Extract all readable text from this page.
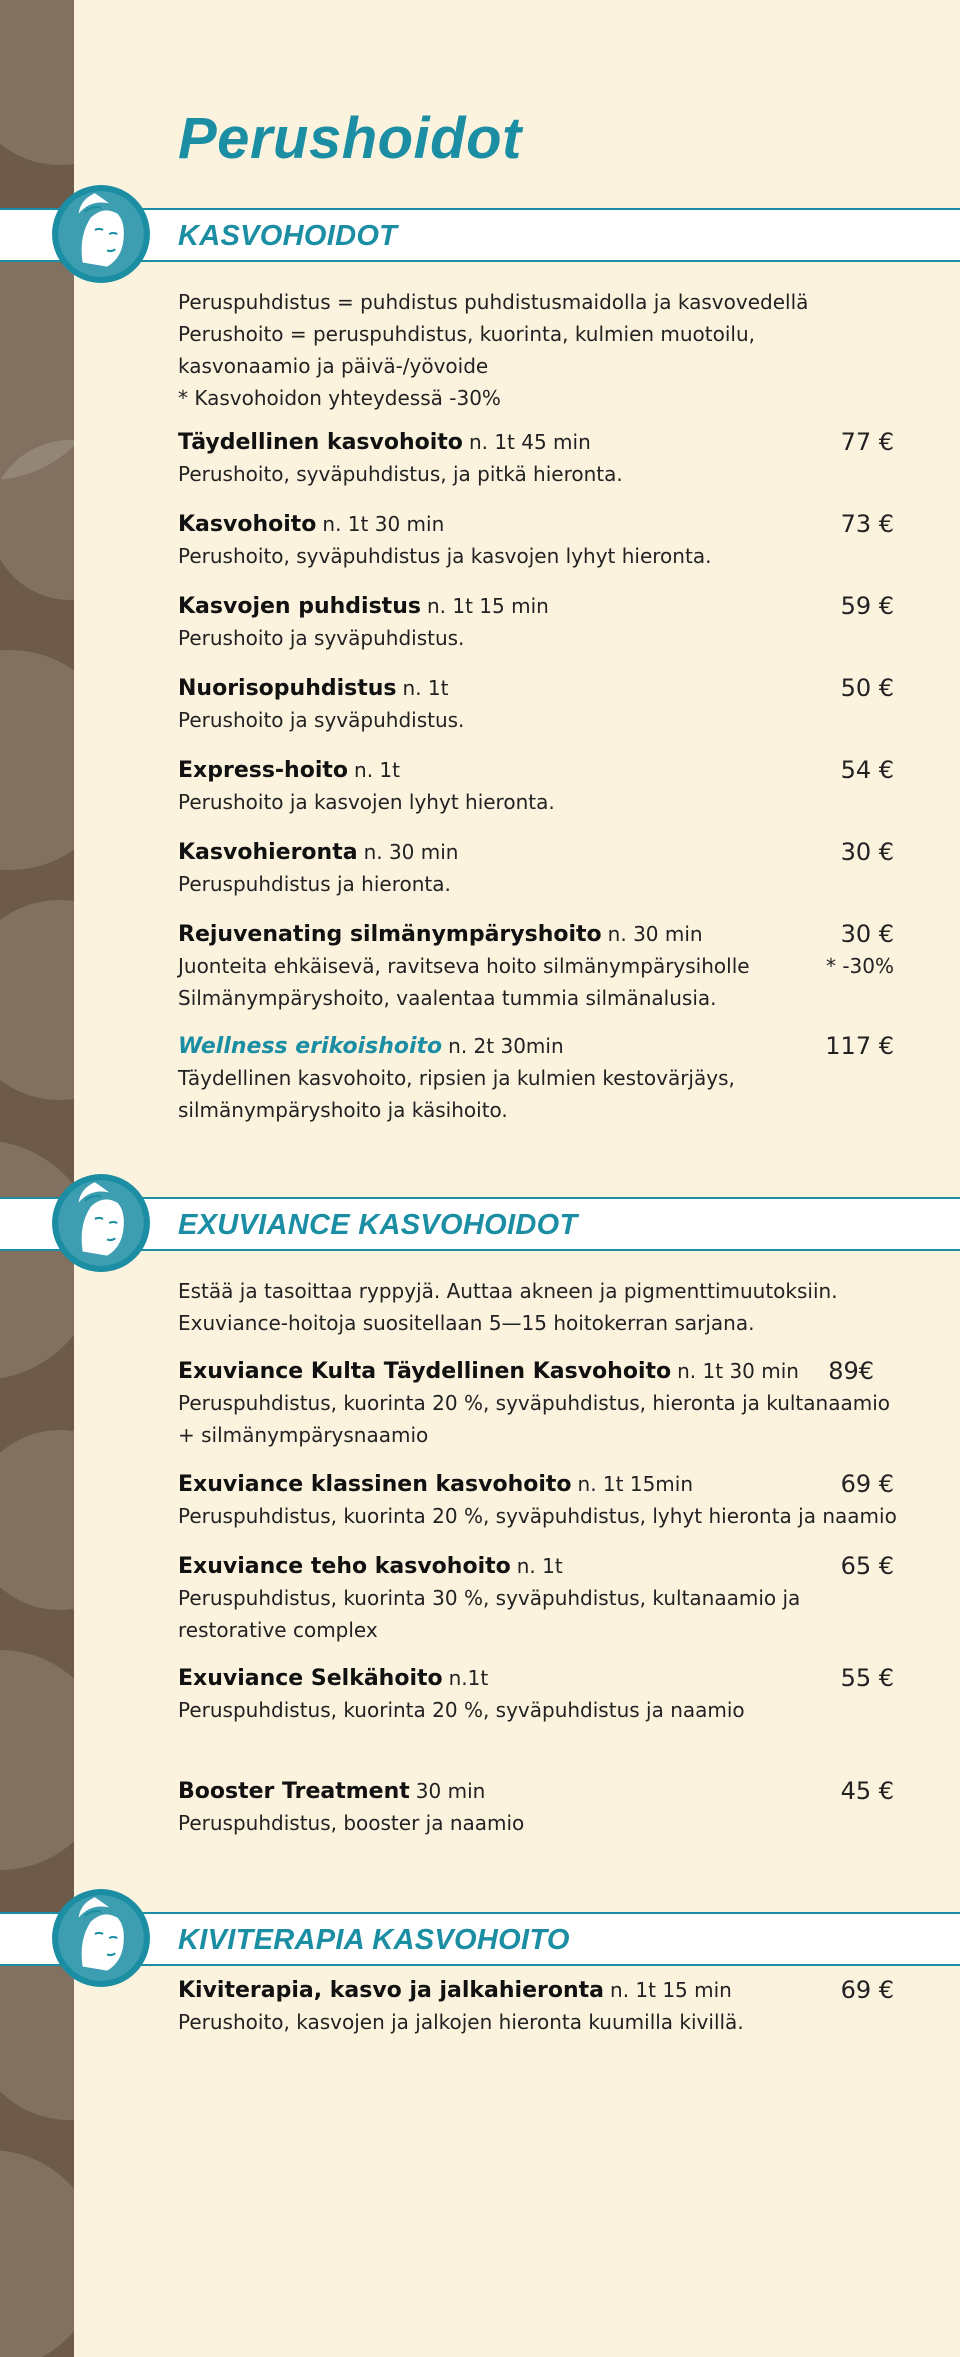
Perushoidot
KASVOHOIDOT
Peruspuhdistus = puhdistus puhdistusmaidolla ja kasvovedellä
Perushoito = peruspuhdistus, kuorinta, kulmien muotoilu,
kasvonaamio ja päivä-/yövoide
* Kasvohoidon yhteydessä -30%
Täydellinen kasvohoito n. 1t 45 min	77 €
Perushoito, syväpuhdistus, ja pitkä hieronta.
Kasvohoito n. 1t 30 min	73 €
Perushoito, syväpuhdistus ja kasvojen lyhyt hieronta.
Kasvojen puhdistus n. 1t 15 min	59 €
Perushoito ja syväpuhdistus.
Nuorisopuhdistus n. 1t	50 €
Perushoito ja syväpuhdistus.
Express-hoito n. 1t	54 €
Perushoito ja kasvojen lyhyt hieronta.
Kasvohieronta n. 30 min	30 €
Peruspuhdistus ja hieronta.
Rejuvenating silmänympäryshoito n. 30 min	30 €
Juonteita ehkäisevä, ravitseva hoito silmänympärysiholle	* -30%
Silmänympäryshoito, vaalentaa tummia silmänalusia.
Wellness erikoishoito n. 2t 30min	117 €
Täydellinen kasvohoito, ripsien ja kulmien kestovärjäys,
silmänympäryshoito ja käsihoito.
EXUVIANCE KASVOHOIDOT
Estää ja tasoittaa ryppyjä. Auttaa akneen ja pigmenttimuutoksiin.
Exuviance-hoitoja suositellaan 5—15 hoitokerran sarjana.
Exuviance Kulta Täydellinen Kasvohoito n. 1t 30 min 89€
Peruspuhdistus, kuorinta 20 %, syväpuhdistus, hieronta ja kultanaamio
+ silmänympärysnaamio
Exuviance klassinen kasvohoito n. 1t 15min	69 €
Peruspuhdistus, kuorinta 20 %, syväpuhdistus, lyhyt hieronta ja naamio
Exuviance teho kasvohoito n. 1t	65 €
Peruspuhdistus, kuorinta 30 %, syväpuhdistus, kultanaamio ja
restorative complex
Exuviance Selkähoito n.1t	55 €
Peruspuhdistus, kuorinta 20 %, syväpuhdistus ja naamio
Booster Treatment 30 min	45 €
Peruspuhdistus, booster ja naamio
KIVITERAPIA KASVOHOITO
Kiviterapia, kasvo ja jalkahieronta n. 1t 15 min	69 €
Perushoito, kasvojen ja jalkojen hieronta kuumilla kivillä.
